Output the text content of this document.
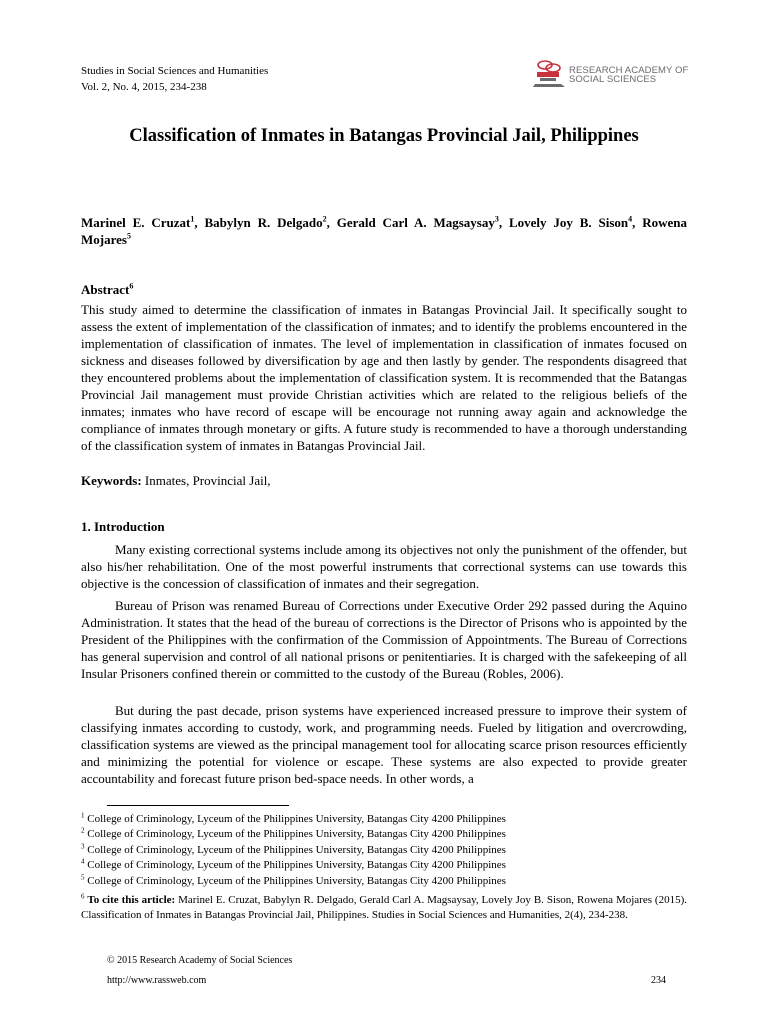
Studies in Social Sciences and Humanities
Vol. 2, No. 4, 2015, 234-238
RESEARCH ACADEMY OF
SOCIAL SCIENCES
Classification of Inmates in Batangas Provincial Jail, Philippines
Marinel E. Cruzat$^1$, Babylyn R. Delgado$^2$, Gerald Carl A. Magsaysay$^3$, Lovely Joy B. Sison$^4$, Rowena Mojares$^5$
Abstract$^6$

This study aimed to determine the classification of inmates in Batangas Provincial Jail. It specifically sought to assess the extent of implementation of the classification of inmates; and to identify the problems encountered in the implementation of classification of inmates. The level of implementation in classification of inmates focused on sickness and diseases followed by diversification by age and then lastly by gender. The respondents disagreed that they encountered problems about the implementation of classification system. It is recommended that the Batangas Provincial Jail management must provide Christian activities which are related to the religious beliefs of the inmates; inmates who have record of escape will be encourage not running away again and acknowledge the compliance of inmates through monetary or gifts. A future study is recommended to have a thorough understanding of the classification system of inmates in Batangas Provincial Jail.

Keywords: Inmates, Provincial Jail,

1. Introduction

Many existing correctional systems include among its objectives not only the punishment of the offender, but also his/her rehabilitation. One of the most powerful instruments that correctional systems can use towards this objective is the concession of classification of inmates and their segregation.

Bureau of Prison was renamed Bureau of Corrections under Executive Order 292 passed during the Aquino Administration. It states that the head of the bureau of corrections is the Director of Prisons who is appointed by the President of the Philippines with the confirmation of the Commission of Appointments. The Bureau of Corrections has general supervision and control of all national prisons or penitentiaries. It is charged with the safekeeping of all Insular Prisoners confined therein or committed to the custody of the Bureau (Robles, 2006).

But during the past decade, prison systems have experienced increased pressure to improve their system of classifying inmates according to custody, work, and programming needs. Fueled by litigation and overcrowding, classification systems are viewed as the principal management tool for allocating scarce prison resources efficiently and minimizing the potential for violence or escape. These systems are also expected to provide greater accountability and forecast future prison bed-space needs. In other words, a

$^1$ College of Criminology, Lyceum of the Philippines University, Batangas City 4200 Philippines
$^2$ College of Criminology, Lyceum of the Philippines University, Batangas City 4200 Philippines
$^3$ College of Criminology, Lyceum of the Philippines University, Batangas City 4200 Philippines
$^4$ College of Criminology, Lyceum of the Philippines University, Batangas City 4200 Philippines
$^5$ College of Criminology, Lyceum of the Philippines University, Batangas City 4200 Philippines
$^6$ To cite this article: Marinel E. Cruzat, Babylyn R. Delgado, Gerald Carl A. Magsaysay, Lovely Joy B. Sison, Rowena Mojares (2015). Classification of Inmates in Batangas Provincial Jail, Philippines. Studies in Social Sciences and Humanities, 2(4), 234-238.
© 2015 Research Academy of Social Sciences
http://www.rassweb.com	234
